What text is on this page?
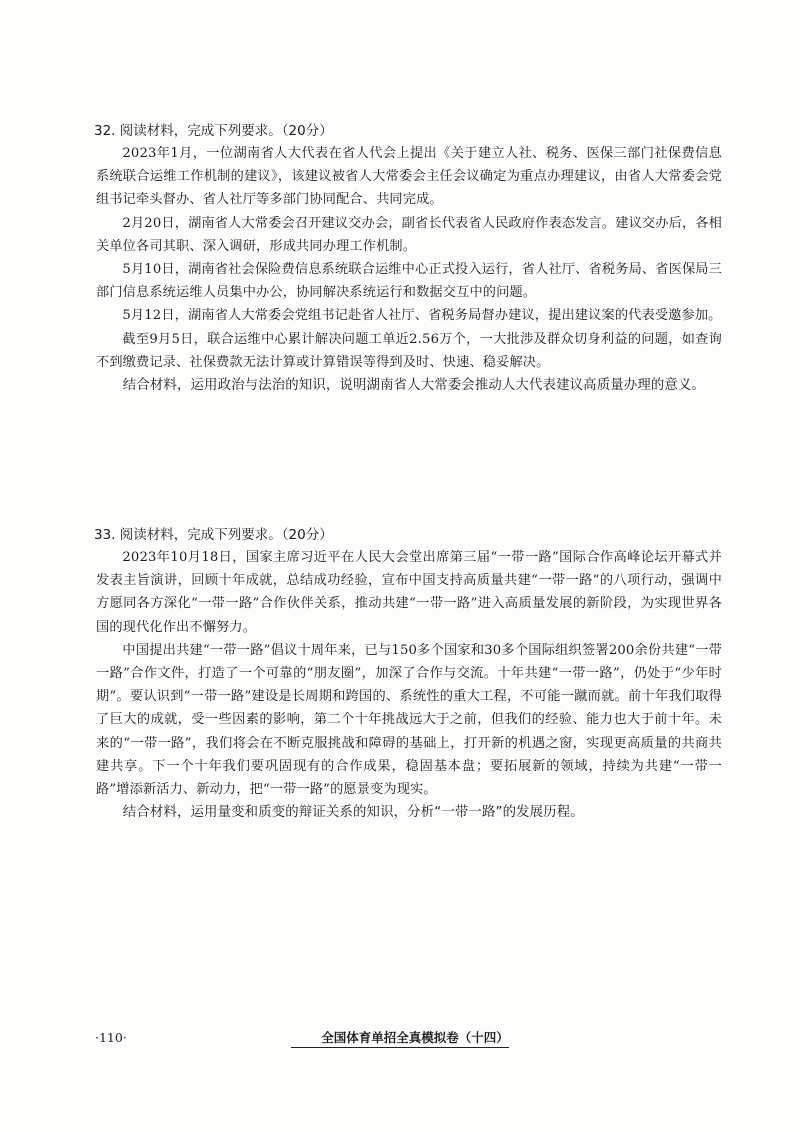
32. 阅读材料，完成下列要求。（20分）

2023年1月，一位湖南省人大代表在省人代会上提出《关于建立人社、税务、医保三部门社保费信息系统联合运维工作机制的建议》，该建议被省人大常委会主任会议确定为重点办理建议，由省人大常委会党组书记牵头督办、省人社厅等多部门协同配合、共同完成。

2月20日，湖南省人大常委会召开建议交办会，副省长代表省人民政府作表态发言。建议交办后，各相关单位各司其职、深入调研，形成共同办理工作机制。

5月10日，湖南省社会保险费信息系统联合运维中心正式投入运行，省人社厅、省税务局、省医保局三部门信息系统运维人员集中办公，协同解决系统运行和数据交互中的问题。

5月12日，湖南省人大常委会党组书记赴省人社厅、省税务局督办建议，提出建议案的代表受邀参加。

截至9月5日，联合运维中心累计解决问题工单近2.56万个，一大批涉及群众切身利益的问题，如查询不到缴费记录、社保费款无法计算或计算错误等得到及时、快速、稳妥解决。

结合材料，运用政治与法治的知识，说明湖南省人大常委会推动人大代表建议高质量办理的意义。

33. 阅读材料，完成下列要求。（20分）

2023年10月18日，国家主席习近平在人民大会堂出席第三届“一带一路”国际合作高峰论坛开幕式并发表主旨演讲，回顾十年成就，总结成功经验，宣布中国支持高质量共建“一带一路”的八项行动，强调中方愿同各方深化“一带一路”合作伙伴关系，推动共建“一带一路”进入高质量发展的新阶段，为实现世界各国的现代化作出不懈努力。

中国提出共建“一带一路”倡议十周年来，已与150多个国家和30多个国际组织签署200余份共建“一带一路”合作文件，打造了一个可靠的“朋友圈”，加深了合作与交流。十年共建“一带一路”，仍处于“少年时期”。要认识到“一带一路”建设是长周期和跨国的、系统性的重大工程，不可能一蹴而就。前十年我们取得了巨大的成就，受一些因素的影响，第二个十年挑战远大于之前，但我们的经验、能力也大于前十年。未来的“一带一路”，我们将会在不断克服挑战和障碍的基础上，打开新的机遇之窗，实现更高质量的共商共建共享。下一个十年我们要巩固现有的合作成果，稳固基本盘；要拓展新的领域，持续为共建“一带一路”增添新活力、新动力，把“一带一路”的愿景变为现实。

结合材料，运用量变和质变的辩证关系的知识，分析“一带一路”的发展历程。

·110·	全国体育单招全真模拟卷（十四）
